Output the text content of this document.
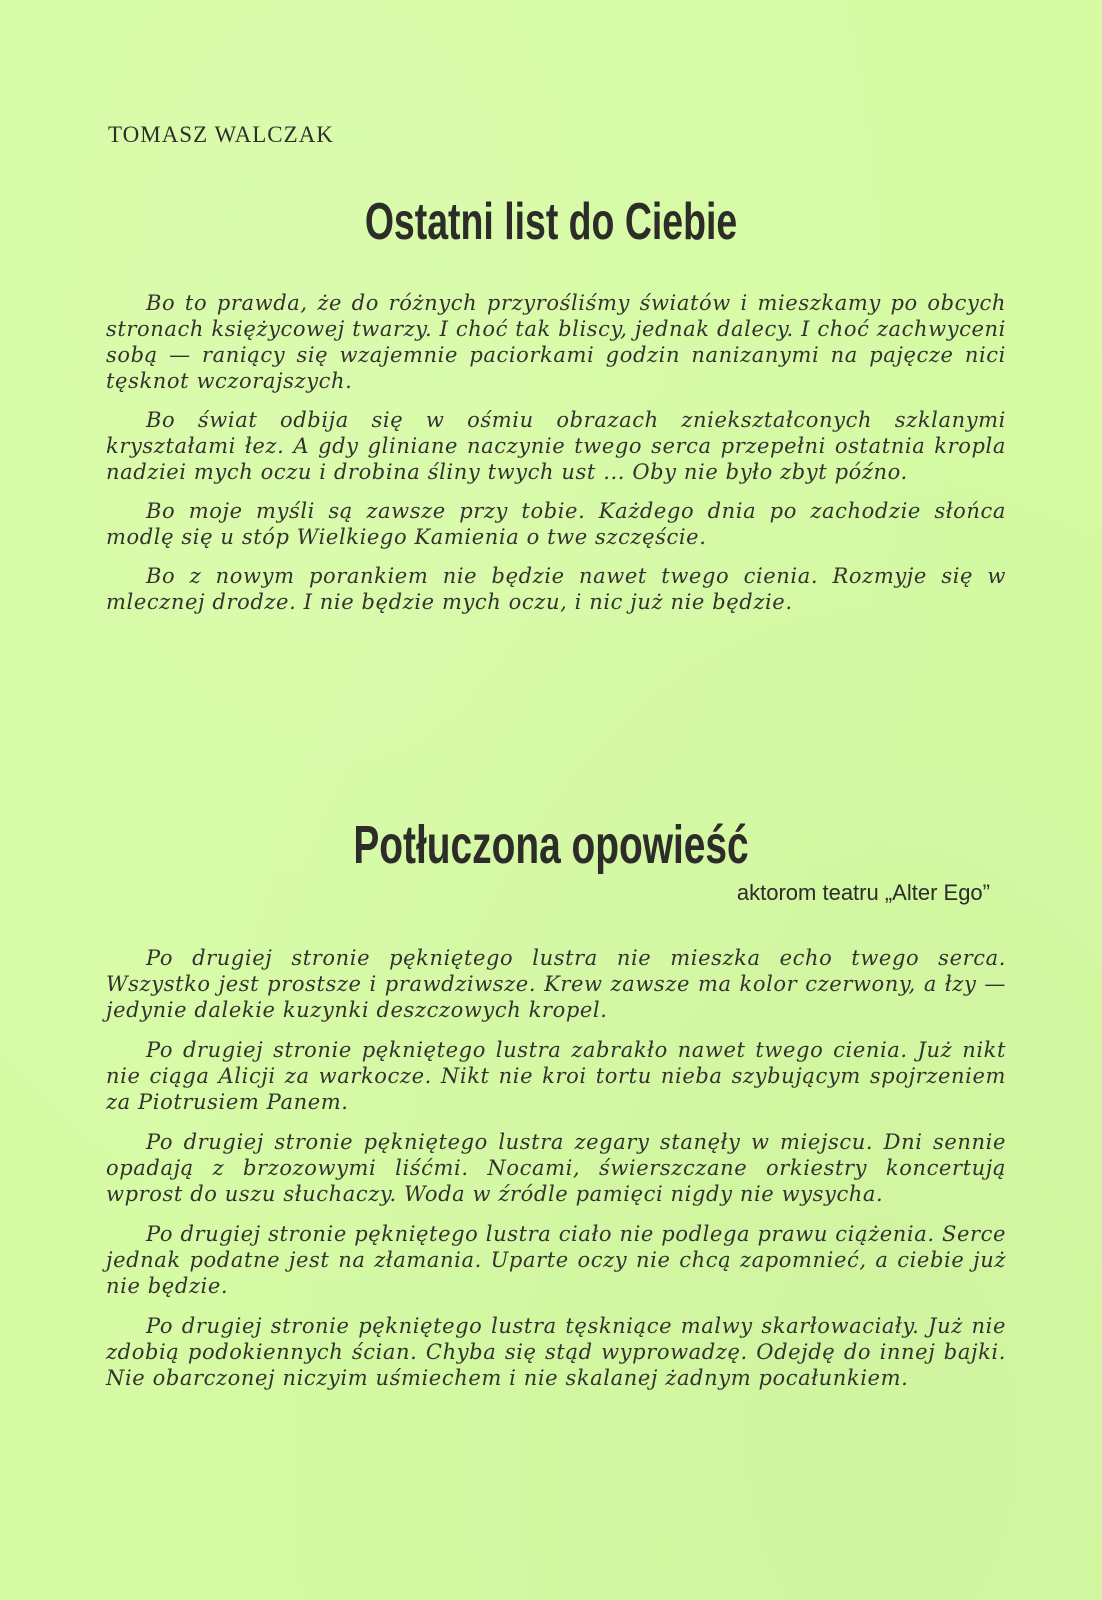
TOMASZ WALCZAK
Ostatni list do Ciebie

Bo to prawda, że do różnych przyrośliśmy światów i mieszkamy po obcych stronach księżycowej twarzy. I choć tak bliscy, jednak dalecy. I choć zachwyceni sobą — raniący się wzajemnie paciorkami godzin nanizanymi na pajęcze nici tęsknot wczorajszych.

Bo świat odbija się w ośmiu obrazach zniekształconych szklanymi kryształami łez. A gdy gliniane naczynie twego serca przepełni ostatnia kropla nadziei mych oczu i drobina śliny twych ust ... Oby nie było zbyt późno.

Bo moje myśli są zawsze przy tobie. Każdego dnia po zachodzie słońca modlę się u stóp Wielkiego Kamienia o twe szczęście.

Bo z nowym porankiem nie będzie nawet twego cienia. Rozmyje się w mlecznej drodze. I nie będzie mych oczu, i nic już nie będzie.

Potłuczona opowieść
aktorom teatru „Alter Ego”

Po drugiej stronie pękniętego lustra nie mieszka echo twego serca. Wszystko jest prostsze i prawdziwsze. Krew zawsze ma kolor czerwony, a łzy — jedynie dalekie kuzynki deszczowych kropel.

Po drugiej stronie pękniętego lustra zabrakło nawet twego cienia. Już nikt nie ciąga Alicji za warkocze. Nikt nie kroi tortu nieba szybującym spojrzeniem za Piotrusiem Panem.

Po drugiej stronie pękniętego lustra zegary stanęły w miejscu. Dni sennie opadają z brzozowymi liśćmi. Nocami, świerszczane orkiestry koncertują wprost do uszu słuchaczy. Woda w źródle pamięci nigdy nie wysycha.

Po drugiej stronie pękniętego lustra ciało nie podlega prawu ciążenia. Serce jednak podatne jest na złamania. Uparte oczy nie chcą zapomnieć, a ciebie już nie będzie.

Po drugiej stronie pękniętego lustra tęskniące malwy skarłowaciały. Już nie zdobią podokiennych ścian. Chyba się stąd wyprowadzę. Odejdę do innej bajki. Nie obarczonej niczyim uśmiechem i nie skalanej żadnym pocałunkiem.
